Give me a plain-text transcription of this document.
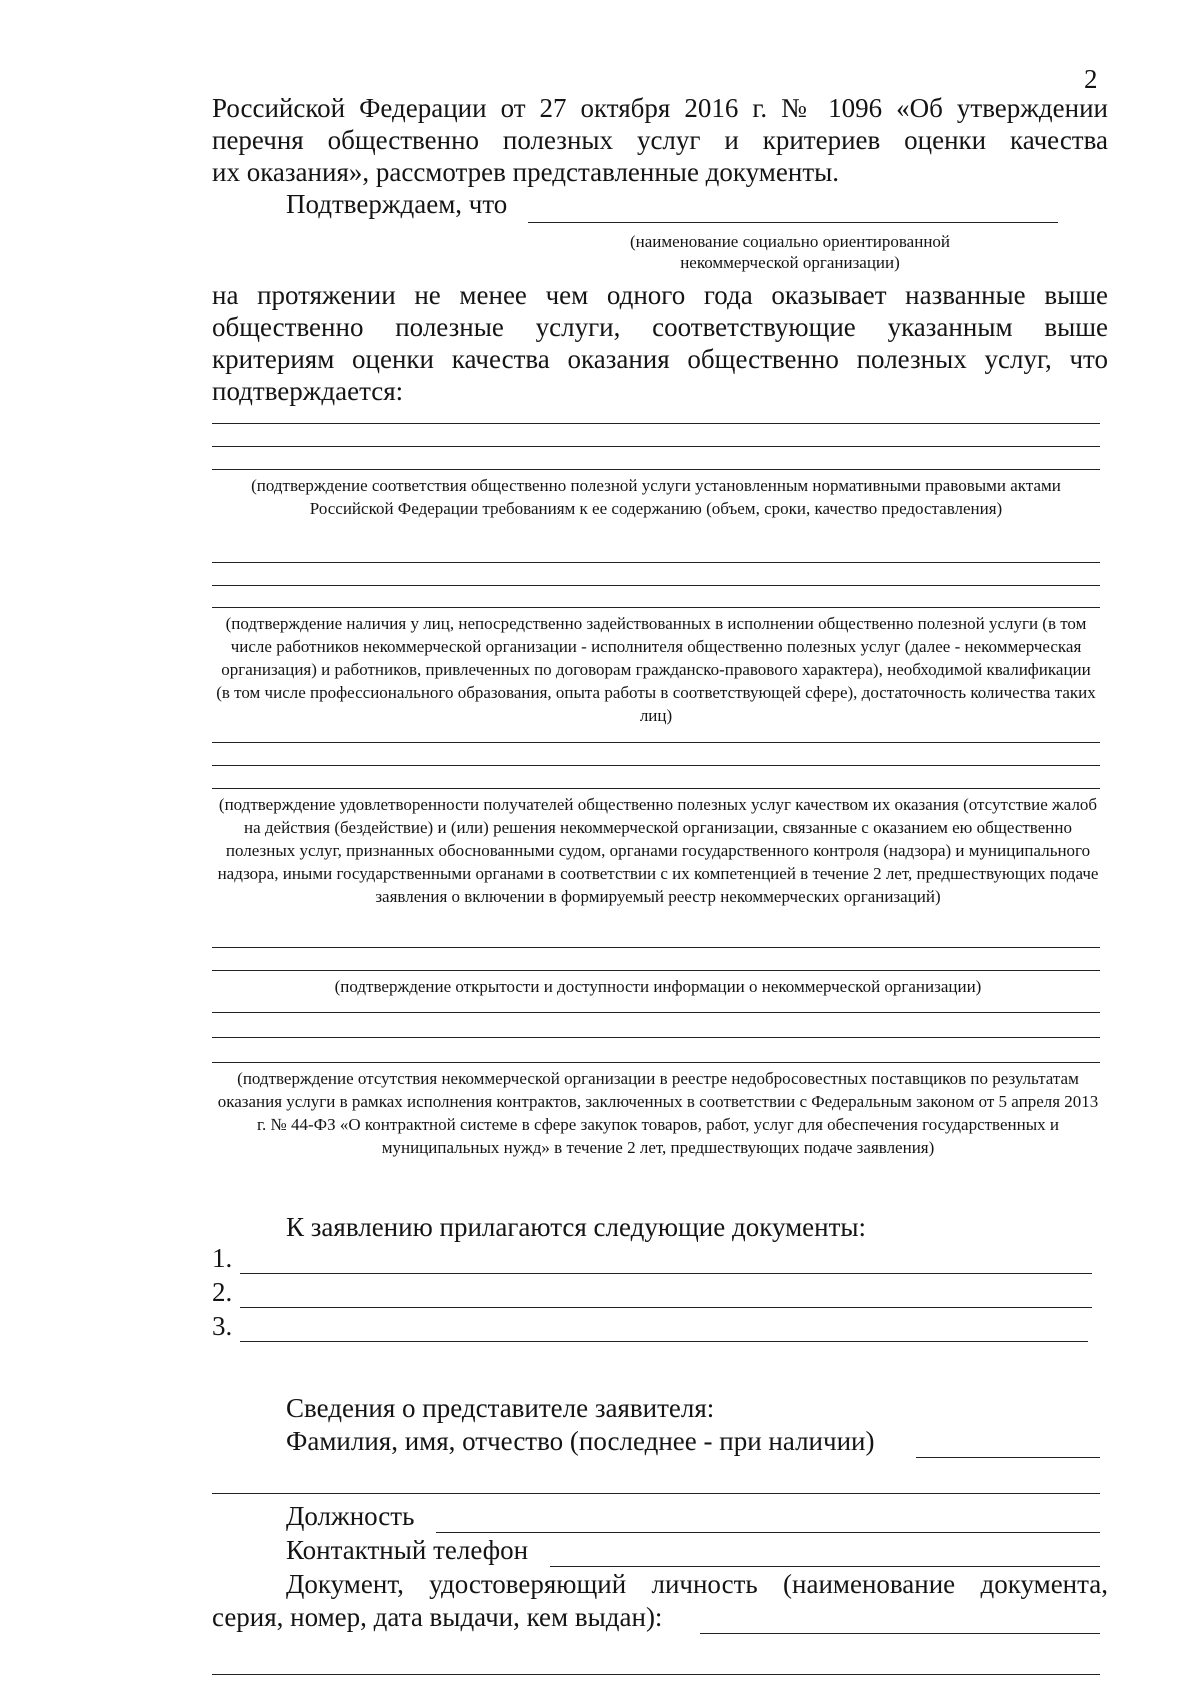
2
Российской Федерации от 27 октября 2016 г. № 1096 «Об утверждении
перечня общественно полезных услуг и критериев оценки качества
их оказания», рассмотрев представленные документы.
Подтверждаем, что
(наименование социально ориентированной
некоммерческой организации)
на протяжении не менее чем одного года оказывает названные выше
общественно полезные услуги, соответствующие указанным выше
критериям оценки качества оказания общественно полезных услуг, что
подтверждается:
(подтверждение соответствия общественно полезной услуги установленным нормативными правовыми актами Российской Федерации требованиям к ее содержанию (объем, сроки, качество предоставления)
(подтверждение наличия у лиц, непосредственно задействованных в исполнении общественно полезной услуги (в том числе работников некоммерческой организации - исполнителя общественно полезных услуг (далее - некоммерческая организация) и работников, привлеченных по договорам гражданско-правового характера), необходимой квалификации (в том числе профессионального образования, опыта работы в соответствующей сфере), достаточность количества таких лиц)
(подтверждение удовлетворенности получателей общественно полезных услуг качеством их оказания (отсутствие жалоб на действия (бездействие) и (или) решения некоммерческой организации, связанные с оказанием ею общественно полезных услуг, признанных обоснованными судом, органами государственного контроля (надзора) и муниципального надзора, иными государственными органами в соответствии с их компетенцией в течение 2 лет, предшествующих подаче заявления о включении в формируемый реестр некоммерческих организаций)
(подтверждение открытости и доступности информации о некоммерческой организации)
(подтверждение отсутствия некоммерческой организации в реестре недобросовестных поставщиков по результатам оказания услуги в рамках исполнения контрактов, заключенных в соответствии с Федеральным законом от 5 апреля 2013 г. № 44-ФЗ «О контрактной системе в сфере закупок товаров, работ, услуг для обеспечения государственных и муниципальных нужд» в течение 2 лет, предшествующих подаче заявления)
К заявлению прилагаются следующие документы:
1.
2.
3.
Сведения о представителе заявителя:
Фамилия, имя, отчество (последнее - при наличии)
Должность
Контактный телефон
Документ, удостоверяющий личность (наименование документа,
серия, номер, дата выдачи, кем выдан):
